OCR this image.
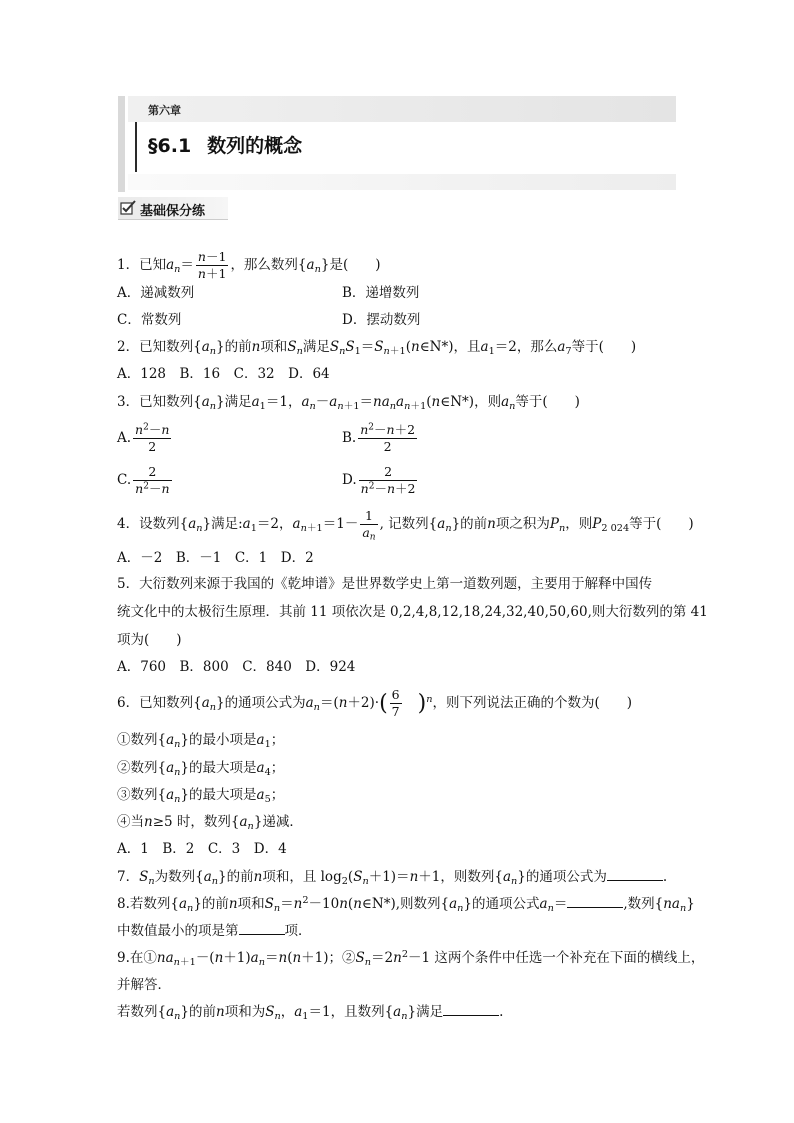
第六章
§6.1 数列的概念
基础保分练
1．已知$a_n= \frac{n-1}{n+1}$ ，那么数列$\{a_n\}$是(　　)
A．递减数列	B．递增数列
C．常数列	D．摆动数列
2．已知数列$\{a_n\}$的前n项和$S_n$满足$S_nS_1=S_{n+1}(n\in N*)$，且$a_1=2$，那么$a_7$等于(　　)
A．128　B．16　C．32　D．64
3．已知数列$\{a_n\}$满足$a_1=1$，$a_n-a_{n+1}=na_na_{n+1}(n\in N*)$，则$a_n$等于(　　)
A. $\frac{n^2-n}{2}$	B. $\frac{n^2-n+2}{2}$
C. $\frac{2}{n^2-n}$	D. $\frac{2}{n^2-n+2}$
4．设数列$\{a_n\}$满足$:a_1=2$，$a_{n+1}=1- \frac{1}{a_n}$ , 记数列$\{a_n\}$的前n项之积为$P_n$，则$P_{2 024}$等于(　　)
A．－2　B．－1　C．1　D．2
5．大衍数列来源于我国的《乾坤谱》是世界数学史上第一道数列题，主要用于解释中国传
统文化中的太极衍生原理．其前 11 项依次是 0,2,4,8,12,18,24,32,40,50,60,则大衍数列的第 41
项为(　　)
A．760　B．800　C．840　D．924
6．已知数列$\{a_n\}$的通项公式为$a_n=(n+2)\cdot( \frac{6}{7} )^n$，则下列说法正确的个数为(　　)
①数列$\{a_n\}$的最小项是$a_1$；
②数列$\{a_n\}$的最大项是$a_4$；
③数列$\{a_n\}$的最大项是$a_5$；
④当n≥5 时，数列$\{a_n\}$递减．
A．1　B．2　C．3　D．4
7．$S_n$为数列$\{a_n\}$的前n项和，且 $\log_2(S_n+1)=n+1$，则数列$\{a_n\}$的通项公式为	.
8.若数列$\{a_n\}$的前n项和$S_n=n^2-10n(n\in N*)$,则数列$\{a_n\}$的通项公式$a_n=$	,数列$\{na_n\}$
中数值最小的项是第	项．
9.在$①na_{n+1}-(n+1)a_n=n(n+1)$；$②S_n=2n^2-1$ 这两个条件中任选一个补充在下面的横线上，
并解答．
若数列$\{a_n\}$的前n项和为$S_n$，$a_1=1$，且数列$\{a_n\}$满足	.
